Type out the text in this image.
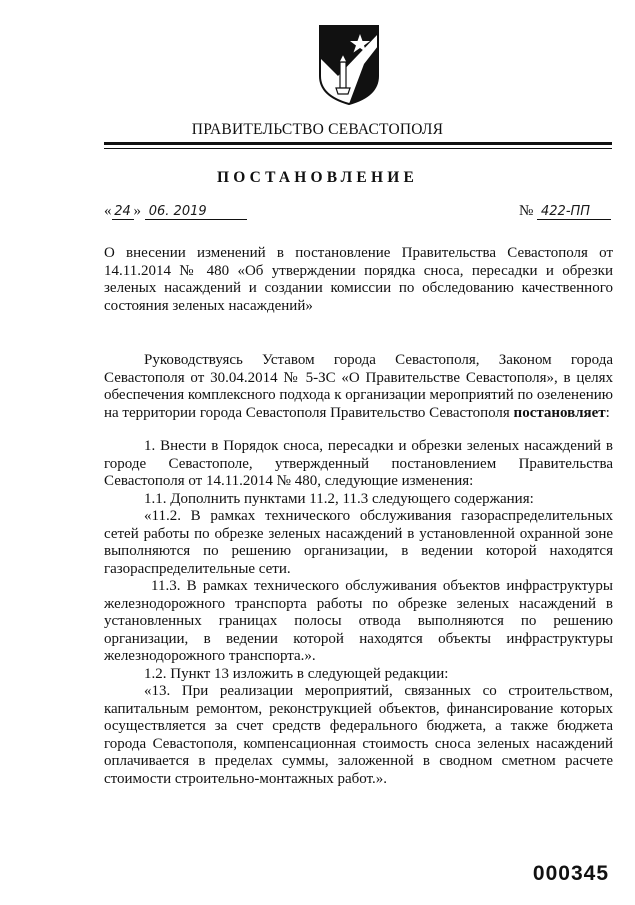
ПРАВИТЕЛЬСТВО СЕВАСТОПОЛЯ
ПОСТАНОВЛЕНИЕ
« 24 » 06. 2019	№ 422-ПП
О внесении изменений в постановление Правительства Севастополя от 14.11.2014 № 480 «Об утверждении порядка сноса, пересадки и обрезки зеленых насаждений и создании комиссии по обследованию качественного состояния зеленых насаждений»

Руководствуясь Уставом города Севастополя, Законом города Севастополя от 30.04.2014 № 5-ЗС «О Правительстве Севастополя», в целях обеспечения комплексного подхода к организации мероприятий по озеленению на территории города Севастополя Правительство Севастополя постановляет:

1. Внести в Порядок сноса, пересадки и обрезки зеленых насаждений в городе Севастополе, утвержденный постановлением Правительства Севастополя от 14.11.2014 № 480, следующие изменения:

1.1. Дополнить пунктами 11.2, 11.3 следующего содержания:

«11.2. В рамках технического обслуживания газораспределительных сетей работы по обрезке зеленых насаждений в установленной охранной зоне выполняются по решению организации, в ведении которой находятся газораспределительные сети.

11.3. В рамках технического обслуживания объектов инфраструктуры железнодорожного транспорта работы по обрезке зеленых насаждений в установленных границах полосы отвода выполняются по решению организации, в ведении которой находятся объекты инфраструктуры железнодорожного транспорта.».

1.2. Пункт 13 изложить в следующей редакции:

«13. При реализации мероприятий, связанных со строительством, капитальным ремонтом, реконструкцией объектов, финансирование которых осуществляется за счет средств федерального бюджета, а также бюджета города Севастополя, компенсационная стоимость сноса зеленых насаждений оплачивается в пределах суммы, заложенной в сводном сметном расчете стоимости строительно-монтажных работ.».

000345
